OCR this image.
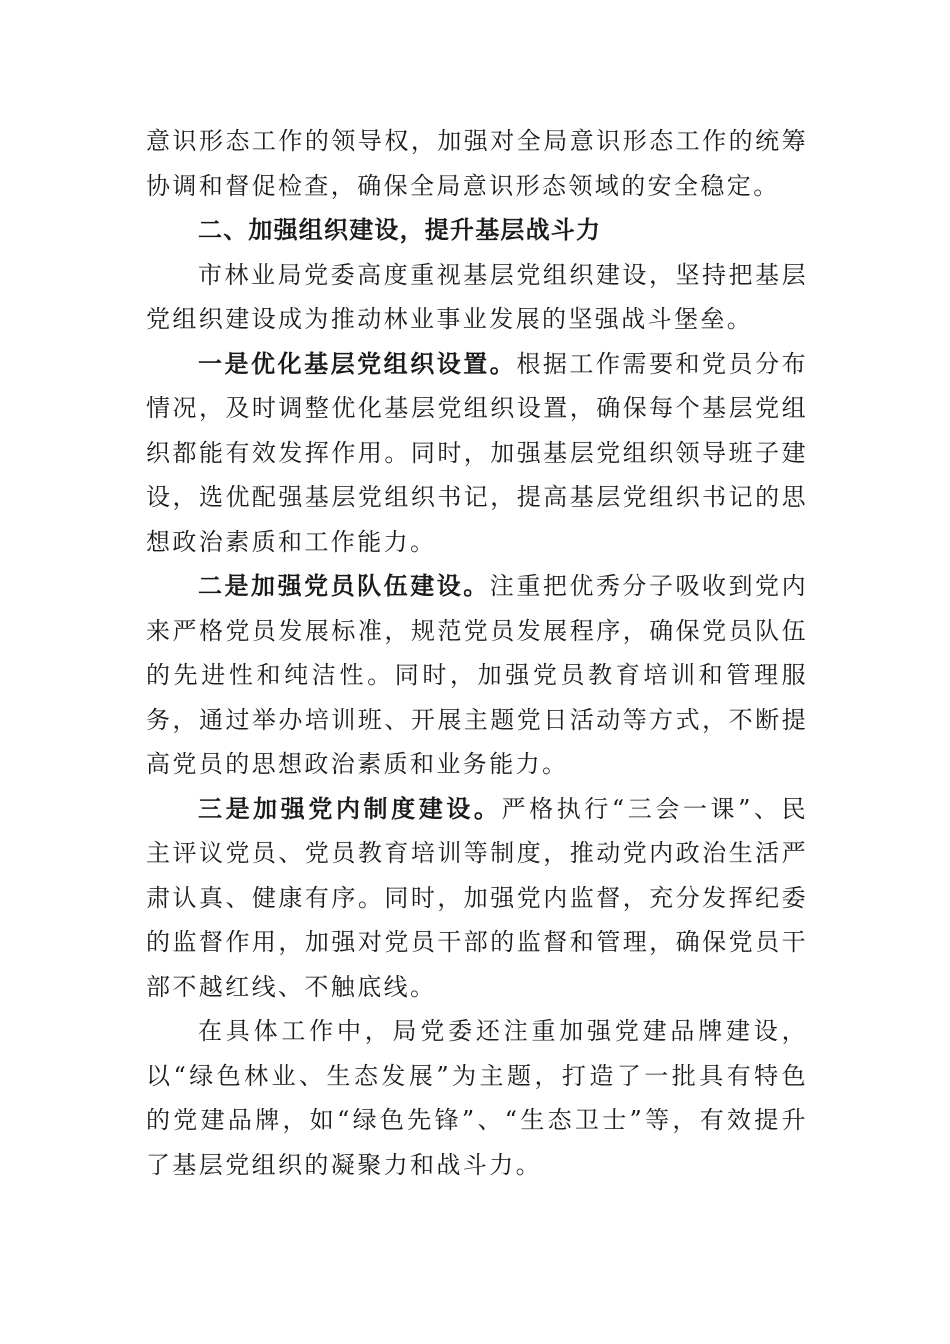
意识形态工作的领导权，加强对全局意识形态工作的统筹协调和督促检查，确保全局意识形态领域的安全稳定。

二、加强组织建设，提升基层战斗力

市林业局党委高度重视基层党组织建设，坚持把基层党组织建设成为推动林业事业发展的坚强战斗堡垒。

一是优化基层党组织设置。根据工作需要和党员分布情况，及时调整优化基层党组织设置，确保每个基层党组织都能有效发挥作用。同时，加强基层党组织领导班子建设，选优配强基层党组织书记，提高基层党组织书记的思想政治素质和工作能力。

二是加强党员队伍建设。注重把优秀分子吸收到党内来严格党员发展标准，规范党员发展程序，确保党员队伍的先进性和纯洁性。同时，加强党员教育培训和管理服务，通过举办培训班、开展主题党日活动等方式，不断提高党员的思想政治素质和业务能力。

三是加强党内制度建设。严格执行“三会一课”、民主评议党员、党员教育培训等制度，推动党内政治生活严肃认真、健康有序。同时，加强党内监督，充分发挥纪委的监督作用，加强对党员干部的监督和管理，确保党员干部不越红线、不触底线。

在具体工作中，局党委还注重加强党建品牌建设，以“绿色林业、生态发展”为主题，打造了一批具有特色的党建品牌，如“绿色先锋”、“生态卫士”等，有效提升了基层党组织的凝聚力和战斗力。
